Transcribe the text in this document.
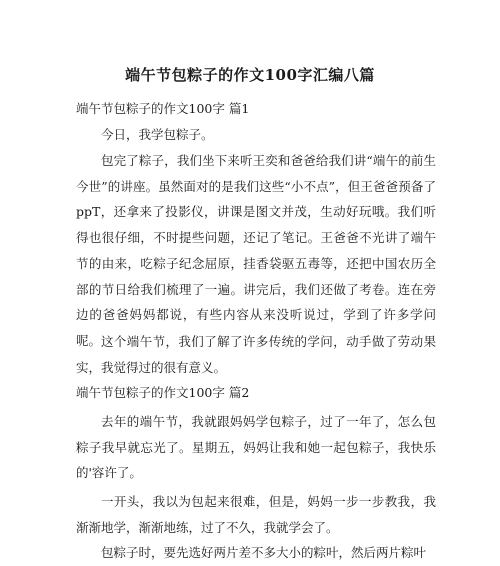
端午节包粽子的作文100字汇编八篇
端午节包粽子的作文100字 篇1

今日，我学包粽子。

包完了粽子，我们坐下来听王奕和爸爸给我们讲“端午的前生今世”的讲座。虽然面对的是我们这些“小不点”，但王爸爸预备了ppT，还拿来了投影仪，讲课是图文并茂，生动好玩哦。我们听得也很仔细，不时提些问题，还记了笔记。王爸爸不光讲了端午节的由来，吃粽子纪念屈原，挂香袋驱五毒等，还把中国农历全部的节日给我们梳理了一遍。讲完后，我们还做了考卷。连在旁边的爸爸妈妈都说，有些内容从来没听说过，学到了许多学问呢。 这个端午节，我们了解了许多传统的学问，动手做了劳动果实，我觉得过的很有意义。

端午节包粽子的作文100字 篇2

去年的端午节，我就跟妈妈学包粽子，过了一年了，怎么包粽子我早就忘光了。星期五，妈妈让我和她一起包粽子，我快乐的'容许了。

一开头，我以为包起来很难，但是，妈妈一步一步教我，我渐渐地学，渐渐地练，过了不久，我就学会了。

包粽子时，要先选好两片差不多大小的粽叶，然后两片粽叶
